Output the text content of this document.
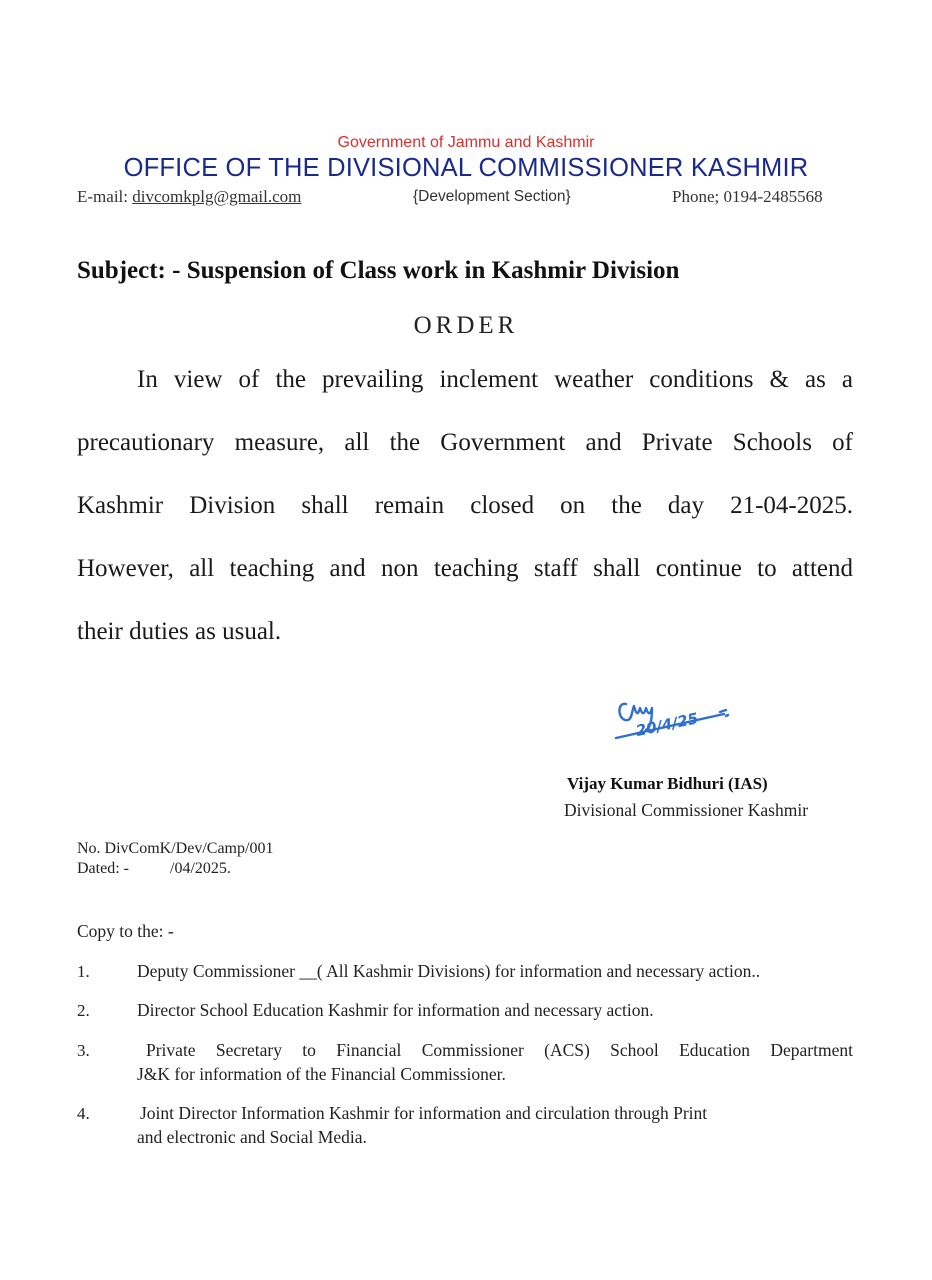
Government of Jammu and Kashmir
OFFICE OF THE DIVISIONAL COMMISSIONER KASHMIR
E-mail: divcomkplg@gmail.com	{Development Section}	Phone; 0194-2485568
Subject: - Suspension of Class work in Kashmir Division
ORDER
In view of the prevailing inclement weather conditions & as a
precautionary measure, all the Government and Private Schools of
Kashmir Division shall remain closed on the day 21-04-2025.
However, all teaching and non teaching staff shall continue to attend
their duties as usual.
20/4/25
Vijay Kumar Bidhuri (IAS)
Divisional Commissioner Kashmir
No. DivComK/Dev/Camp/001
Dated: -	/04/2025.
Copy to the: -
1.	Deputy Commissioner __( All Kashmir Divisions) for information and necessary action..
2.	Director School Education Kashmir for information and necessary action.
3.	Private Secretary to Financial Commissioner (ACS) School Education Department
J&K for information of the Financial Commissioner.
4.	Joint Director Information Kashmir for information and circulation through Print
and electronic and Social Media.
